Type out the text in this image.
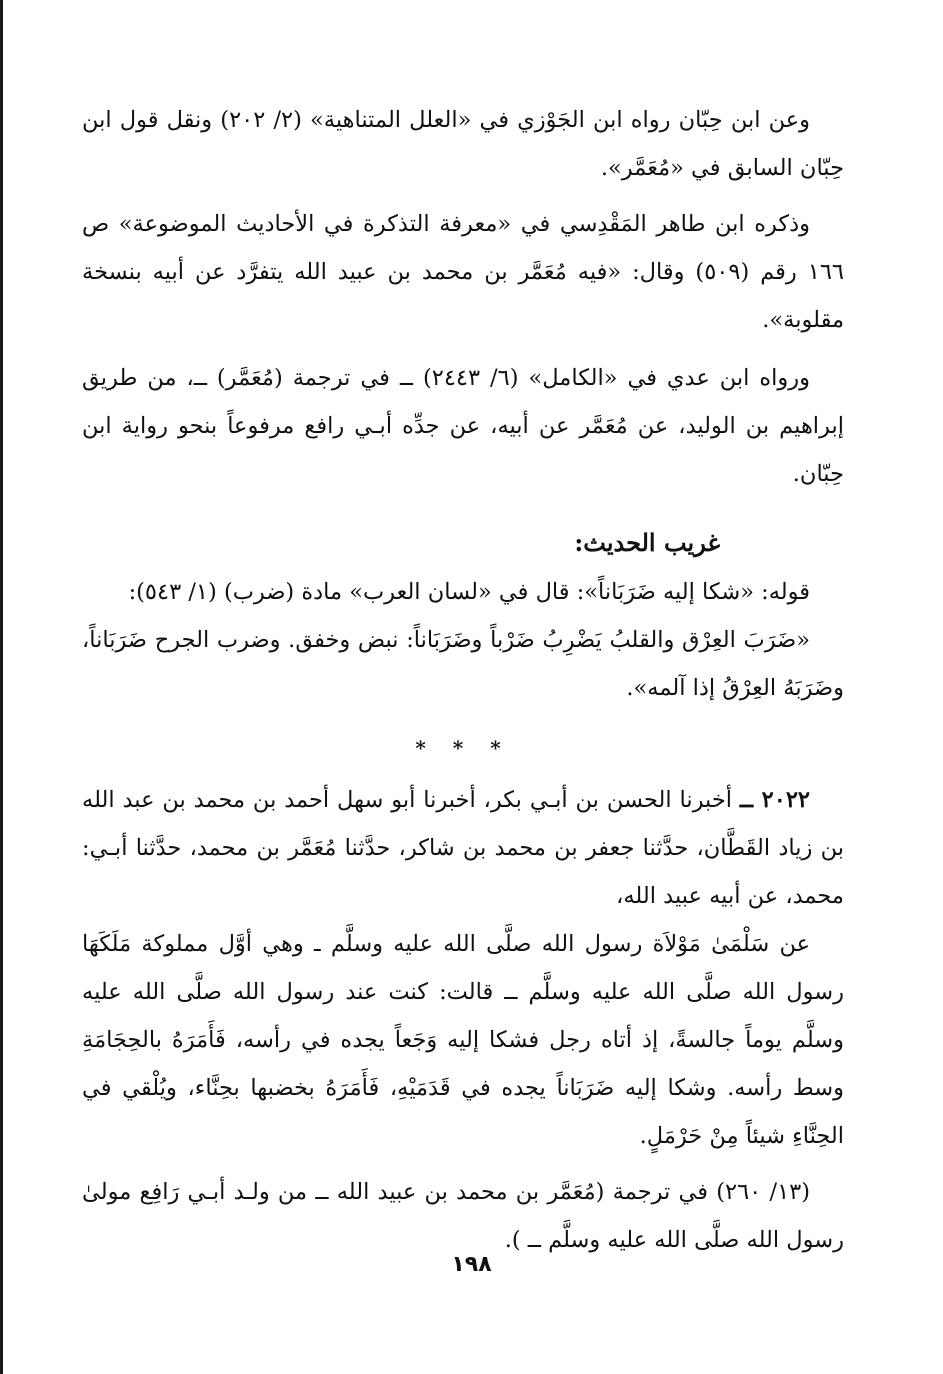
وعن ابن حِبّان رواه ابن الجَوْزي في «العلل المتناهية» (٢/ ٢٠٢) ونقل قول ابن حِبّان السابق في «مُعَمَّر».

وذكره ابن طاهر المَقْدِسي في «معرفة التذكرة في الأحاديث الموضوعة» ص ١٦٦ رقم (٥٠٩) وقال: «فيه مُعَمَّر بن محمد بن عبيد الله يتفرَّد عن أبيه بنسخة مقلوبة».

ورواه ابن عدي في «الكامل» (٦/ ٢٤٤٣) ــ في ترجمة (مُعَمَّر) ــ، من طريق إبراهيم بن الوليد، عن مُعَمَّر عن أبيه، عن جدِّه أبـي رافع مرفوعاً بنحو رواية ابن حِبّان.

غريب الحديث:

قوله: «شكا إليه ضَرَبَاناً»: قال في «لسان العرب» مادة (ضرب) (١/ ٥٤٣):

«ضَرَبَ العِرْق والقلبُ يَضْرِبُ ضَرْباً وضَرَبَاناً: نبض وخفق. وضرب الجرح ضَرَبَاناً، وضَرَبَهُ العِرْقُ إذا آلمه».

* * *

٢٠٢٢ ــ أخبرنا الحسن بن أبـي بكر، أخبرنا أبو سهل أحمد بن محمد بن عبد الله بن زياد القَطَّان، حدَّثنا جعفر بن محمد بن شاكر، حدَّثنا مُعَمَّر بن محمد، حدَّثنا أبـي: محمد، عن أبيه عبيد الله،

عن سَلْمَىٰ مَوْلاَة رسول الله صلَّى الله عليه وسلَّم ـ وهي أوَّل مملوكة مَلَكَهَا رسول الله صلَّى الله عليه وسلَّم ــ قالت: كنت عند رسول الله صلَّى الله عليه وسلَّم يوماً جالسةً، إذ أتاه رجل فشكا إليه وَجَعاً يجده في رأسه، فَأَمَرَهُ بالحِجَامَةِ وسط رأسه. وشكا إليه ضَرَبَاناً يجده في قَدَمَيْهِ، فَأَمَرَهُ بخضبها بحِنَّاء، ويُلْقي في الحِنَّاءِ شيئاً مِنْ حَرْمَلٍ.

(١٣/ ٢٦٠) في ترجمة (مُعَمَّر بن محمد بن عبيد الله ــ من ولـد أبـي رَافِع مولىٰ رسول الله صلَّى الله عليه وسلَّم ــ ).

١٩٨
